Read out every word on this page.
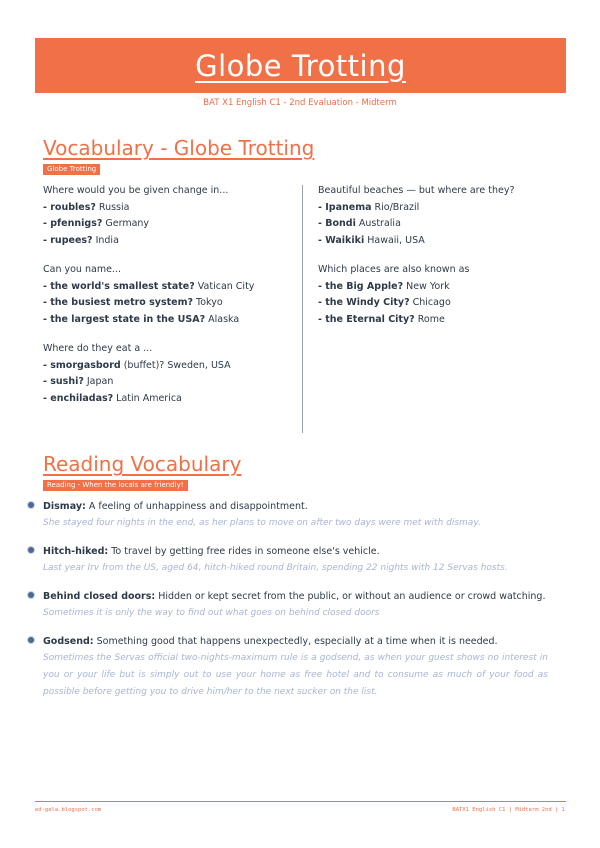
Globe Trotting
BAT X1 English C1 - 2nd Evaluation - Midterm
Vocabulary - Globe Trotting
Globe Trotting

Where would you be given change in...

- roubles? Russia
- pfennigs? Germany
- rupees? India

Can you name...

- the world's smallest state? Vatican City
- the busiest metro system? Tokyo
- the largest state in the USA? Alaska

Where do they eat a ...

- smorgasbord (buffet)? Sweden, USA
- sushi? Japan
- enchiladas? Latin America

Beautiful beaches — but where are they?

- Ipanema Rio/Brazil
- Bondi Australia
- Waikiki Hawaii, USA

Which places are also known as

- the Big Apple? New York
- the Windy City? Chicago
- the Eternal City? Rome
Reading Vocabulary
Reading - When the locals are friendly!
Dismay: A feeling of unhappiness and disappointment.
She stayed four nights in the end, as her plans to move on after two days were met with dismay.
Hitch-hiked: To travel by getting free rides in someone else's vehicle.
Last year Irv from the US, aged 64, hitch-hiked round Britain, spending 22 nights with 12 Servas hosts.
Behind closed doors: Hidden or kept secret from the public, or without an audience or crowd watching.
Sometimes it is only the way to find out what goes on behind closed doors
Godsend: Something good that happens unexpectedly, especially at a time when it is needed.
Sometimes the Servas official two-nights-maximum rule is a godsend, as when your guest shows no interest in you or your life but is simply out to use your home as free hotel and to consume as much of your food as possible before getting you to drive him/her to the next sucker on the list.
ed-gela.blogspot.com	BATX1 English C1 | Midterm 2nd | 1
